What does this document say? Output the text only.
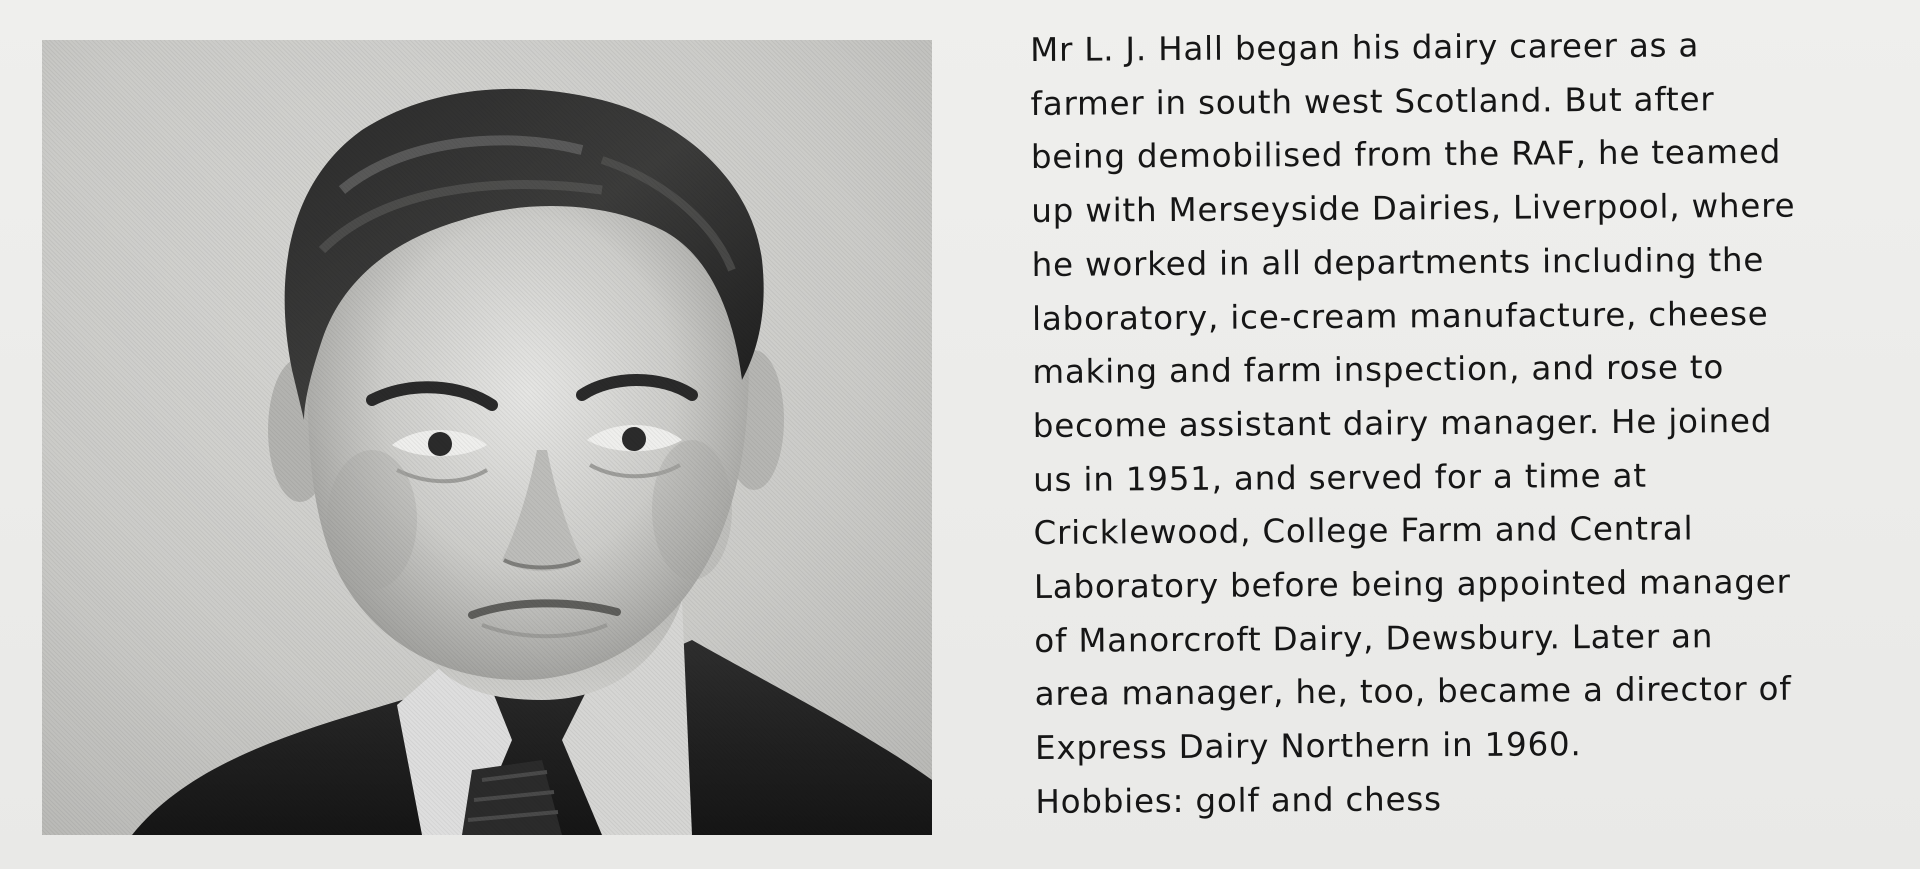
Mr L. J. Hall began his dairy career as a
farmer in south west Scotland. But after
being demobilised from the RAF, he teamed
up with Merseyside Dairies, Liverpool, where
he worked in all departments including the
laboratory, ice-cream manufacture, cheese
making and farm inspection, and rose to
become assistant dairy manager. He joined
us in 1951, and served for a time at
Cricklewood, College Farm and Central
Laboratory before being appointed manager
of Manorcroft Dairy, Dewsbury. Later an
area manager, he, too, became a director of
Express Dairy Northern in 1960.
Hobbies: golf and chess
